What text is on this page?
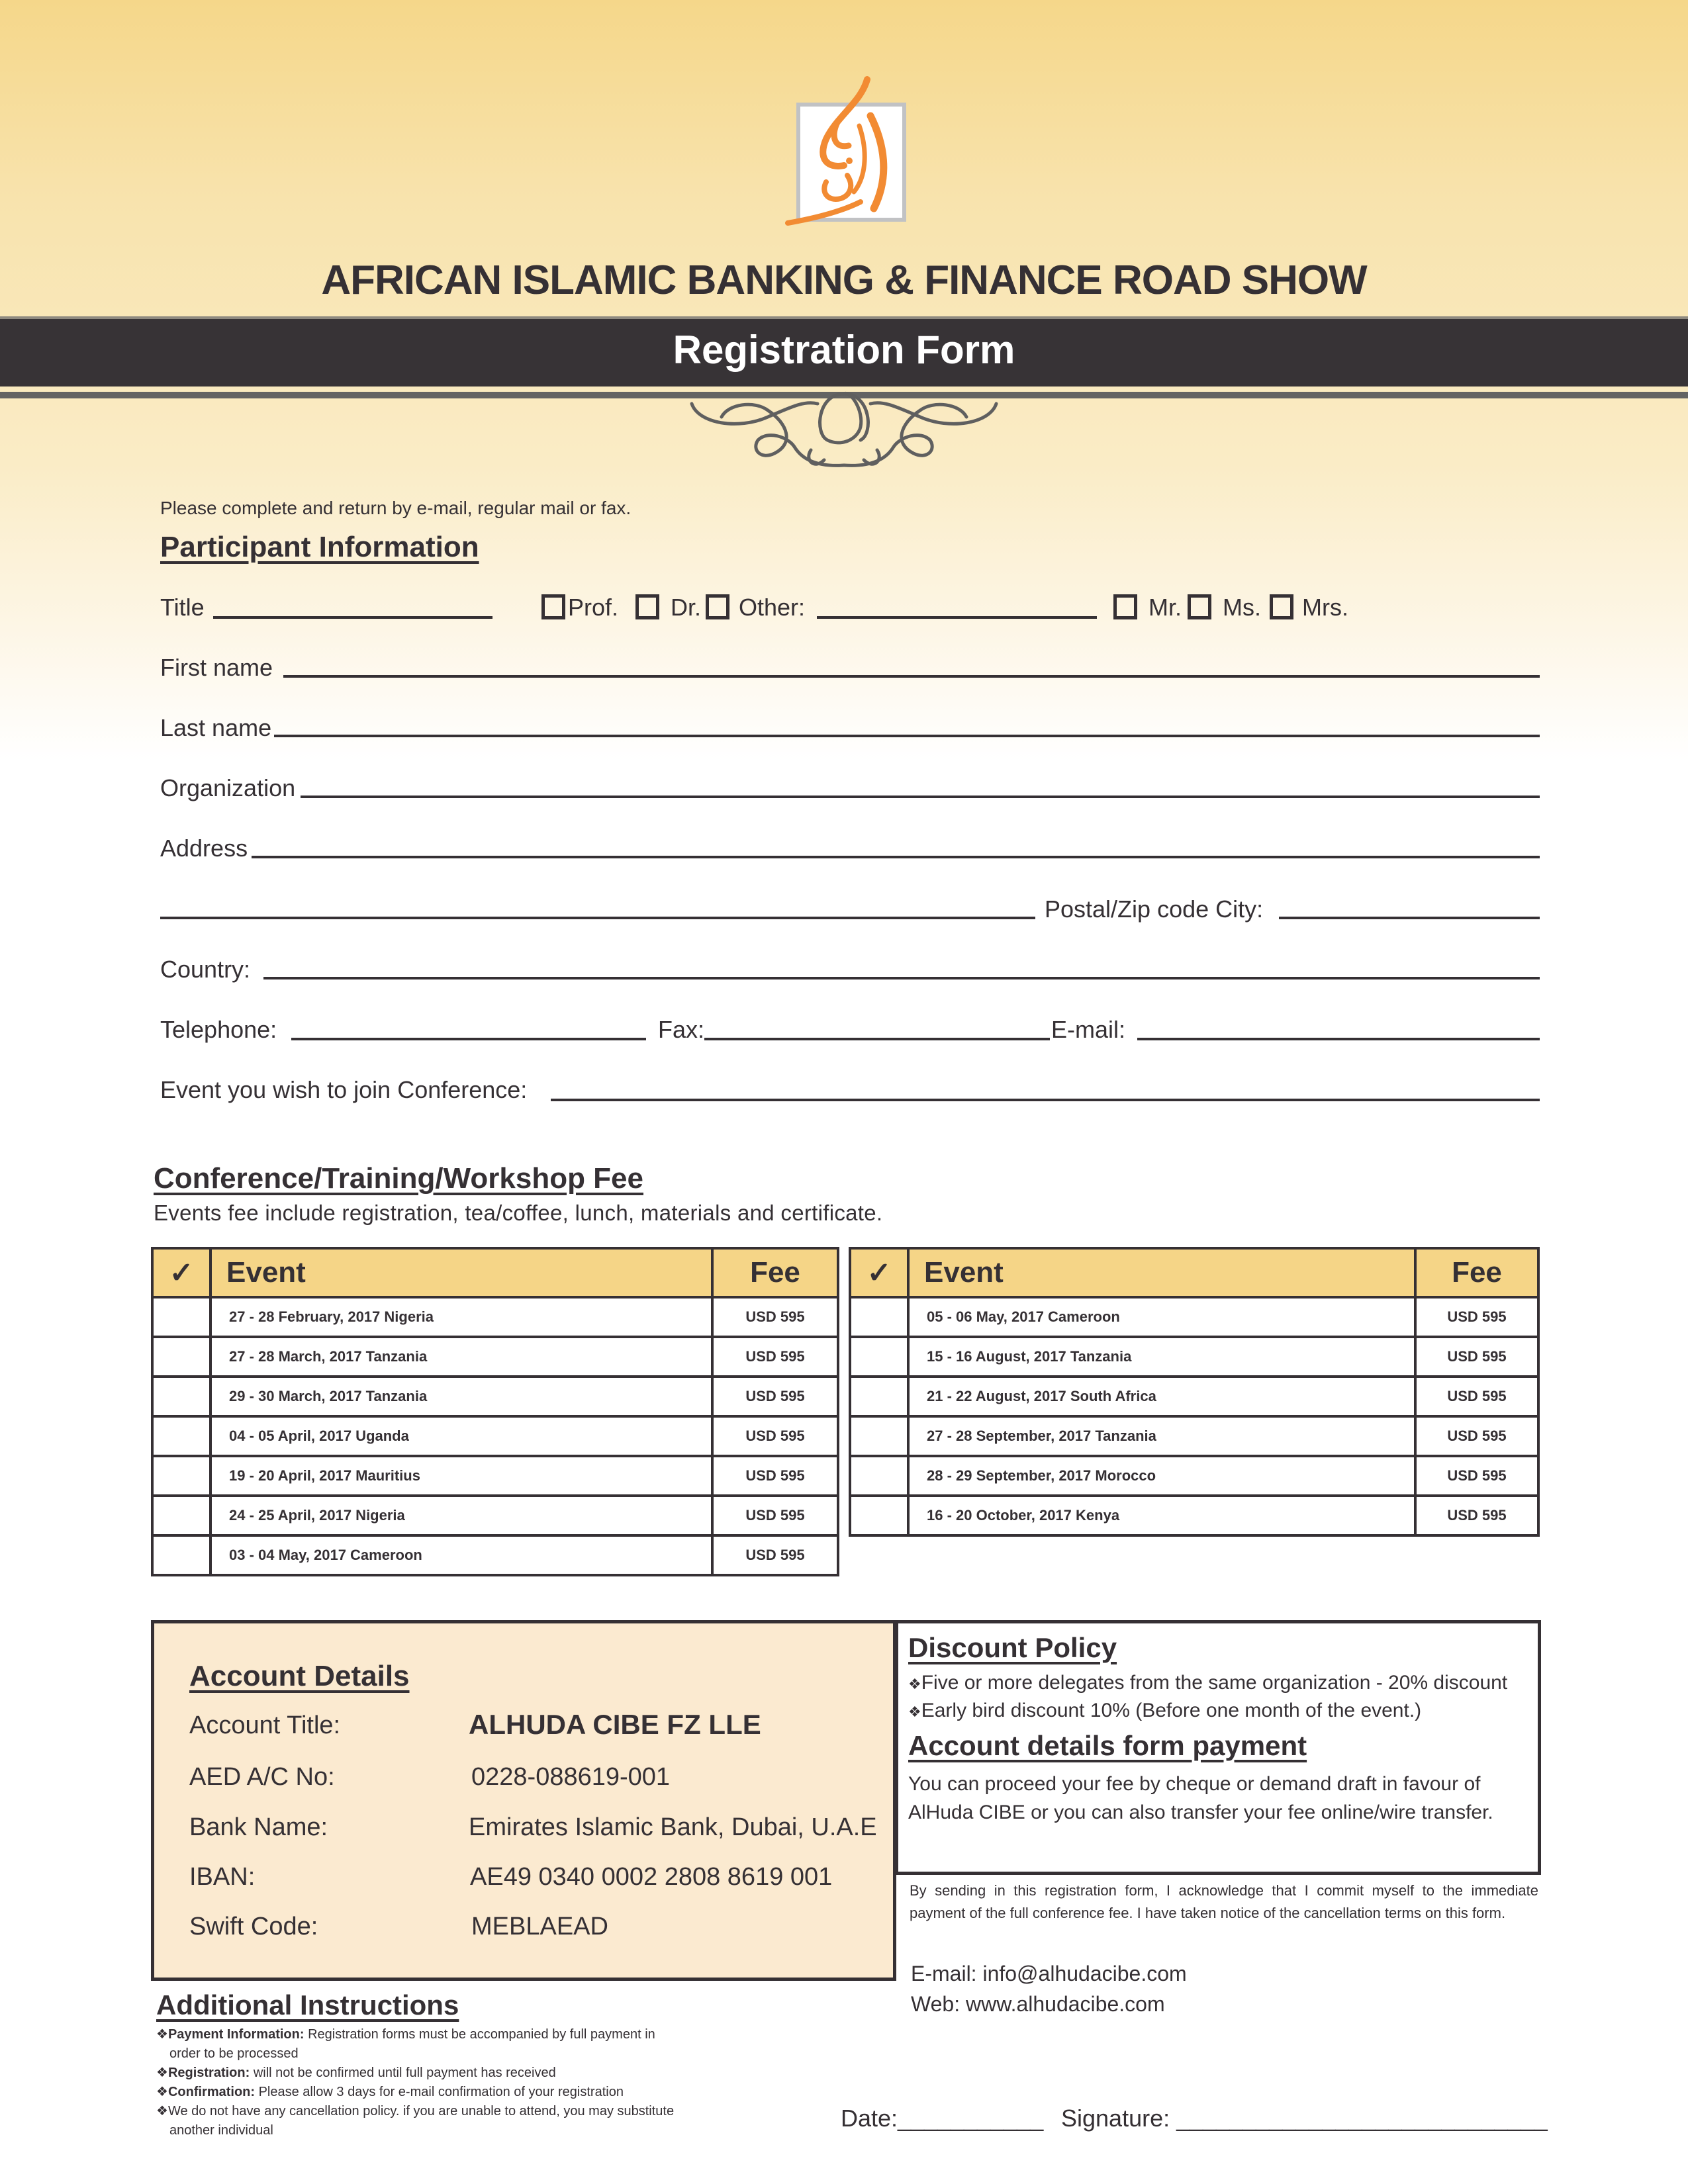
AFRICAN ISLAMIC BANKING & FINANCE ROAD SHOW
Registration Form
Please complete and return by e-mail, regular mail or fax.
Participant Information
Title	Prof. Dr. Other:	Mr. Ms. Mrs.
First name
Last name
Organization
Address
Postal/Zip code City:
Country:
Telephone:	Fax:	E-mail:
Event you wish to join Conference:
Conference/Training/Workshop Fee
Events fee include registration, tea/coffee, lunch, materials and certificate.
✓	Event	Fee
	27 - 28 February, 2017 Nigeria	USD 595
	27 - 28 March, 2017 Tanzania	USD 595
	29 - 30 March, 2017 Tanzania	USD 595
	04 - 05 April, 2017 Uganda	USD 595
	19 - 20 April, 2017 Mauritius	USD 595
	24 - 25 April, 2017 Nigeria	USD 595
	03 - 04 May, 2017 Cameroon	USD 595
✓	Event	Fee
	05 - 06 May, 2017 Cameroon	USD 595
	15 - 16 August, 2017 Tanzania	USD 595
	21 - 22 August, 2017 South Africa	USD 595
	27 - 28 September, 2017 Tanzania	USD 595
	28 - 29 September, 2017 Morocco	USD 595
	16 - 20 October, 2017 Kenya	USD 595
Account Details
Account Title:	ALHUDA CIBE FZ LLE
AED A/C No:	0228-088619-001
Bank Name:	Emirates Islamic Bank, Dubai, U.A.E
IBAN:	AE49 0340 0002 2808 8619 001
Swift Code:	MEBLAEAD
Discount Policy
❖Five or more delegates from the same organization - 20% discount
❖Early bird discount 10% (Before one month of the event.)
Account details form payment
You can proceed your fee by cheque or demand draft in favour of AlHuda CIBE or you can also transfer your fee online/wire transfer.
By sending in this registration form, I acknowledge that I commit myself to the immediate payment of the full conference fee. I have taken notice of the cancellation terms on this form.
E-mail: info@alhudacibe.com
Web: www.alhudacibe.com
Additional Instructions
❖Payment Information: Registration forms must be accompanied by full payment in
order to be processed
❖Registration: will not be confirmed until full payment has received
❖Confirmation: Please allow 3 days for e-mail confirmation of your registration
❖We do not have any cancellation policy. if you are unable to attend, you may substitute
another individual	Date:___________ Signature: ____________________________
